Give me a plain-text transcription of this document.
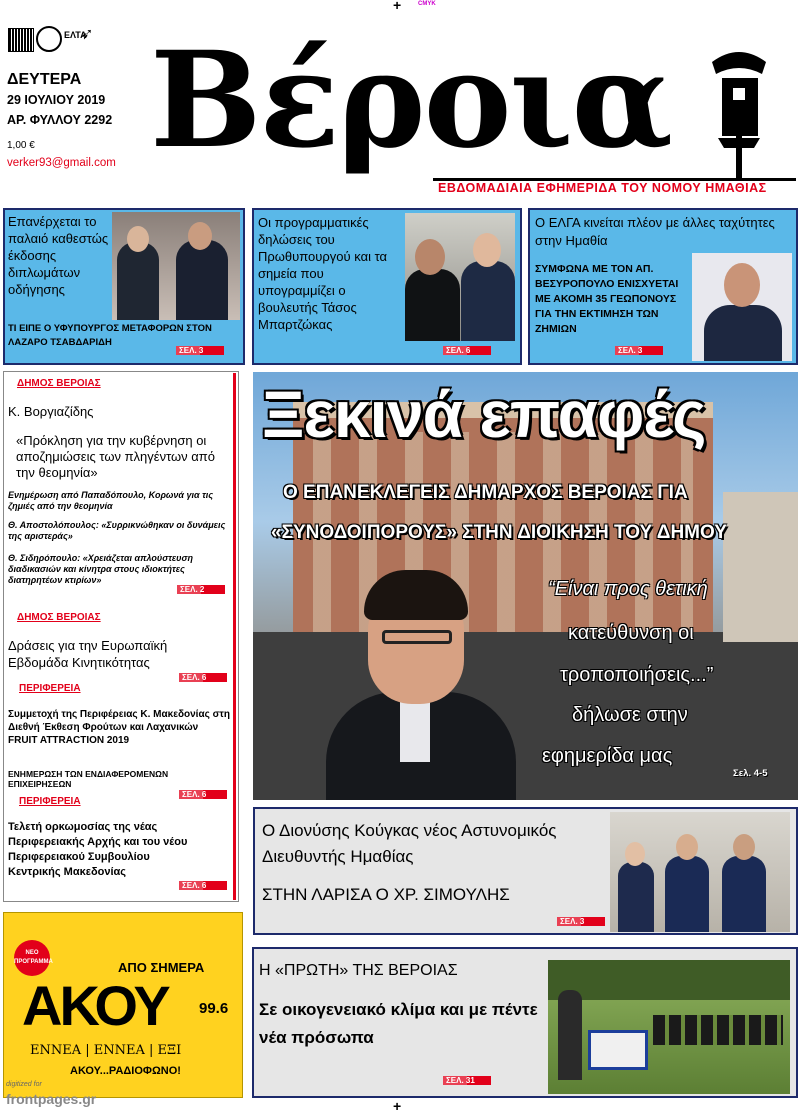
+	CMYK
+
ΕΛΤΑ
➶
ΔΕΥΤΕΡΑ
29 ΙΟΥΛΙΟΥ 2019
ΑΡ. ΦΥΛΛΟΥ 2292
1,00 €
verker93@gmail.com Βέροια
ΕΒΔΟΜΑΔΙΑΙΑ ΕΦΗΜΕΡΙΔΑ ΤΟΥ ΝΟΜΟΥ ΗΜΑΘΙΑΣ
Επανέρχεται το παλαιό καθεστώς έκδοσης διπλωμάτων οδήγησης
ΤΙ ΕΙΠΕ Ο ΥΦΥΠΟΥΡΓΟΣ ΜΕΤΑΦΟΡΩΝ ΣΤΟΝ ΛΑΖΑΡΟ ΤΣΑΒΔΑΡΙΔΗ
ΣΕΛ. 3
Οι προγραμματικές δηλώσεις του Πρωθυπουργού και τα σημεία που υπογραμμίζει ο βουλευτής Τάσος Μπαρτζώκας
ΣΕΛ. 6
Ο ΕΛΓΑ κινείται πλέον με άλλες ταχύτητες στην Ημαθία
ΣΥΜΦΩΝΑ ΜΕ ΤΟΝ ΑΠ. ΒΕΣΥΡΟΠΟΥΛΟ ΕΝΙΣΧΥΕΤΑΙ ΜΕ ΑΚΟΜΗ 35 ΓΕΩΠΟΝΟΥΣ ΓΙΑ ΤΗΝ ΕΚΤΙΜΗΣΗ ΤΩΝ ΖΗΜΙΩΝ
ΣΕΛ. 3
ΔΗΜΟΣ ΒΕΡΟΙΑΣ
Κ. Βοργιαζίδης
«Πρόκληση για την κυβέρνηση οι αποζημιώσεις των πληγέντων από την θεομηνία»
Ενημέρωση από Παπαδόπουλο, Κορωνά για τις ζημιές από την θεομηνία
Θ. Αποστολόπουλος: «Συρρικνώθηκαν οι δυνάμεις της αριστεράς»
Θ. Σιδηρόπουλο: «Χρειάζεται απλούστευση διαδικασιών και κίνητρα στους ιδιοκτήτες διατηρητέων κτιρίων»
ΣΕΛ. 2
ΔΗΜΟΣ ΒΕΡΟΙΑΣ
Δράσεις για την Ευρωπαϊκή Εβδομάδα Κινητικότητας
ΣΕΛ. 6
ΠΕΡΙΦΕΡΕΙΑ
Συμμετοχή της Περιφέρειας Κ. Μακεδονίας στη Διεθνή Έκθεση Φρούτων και Λαχανικών FRUIT ATTRACTION 2019
ΕΝΗΜΕΡΩΣΗ ΤΩΝ ΕΝΔΙΑΦΕΡΟΜΕΝΩΝ ΕΠΙΧΕΙΡΗΣΕΩΝ
ΣΕΛ. 6
ΠΕΡΙΦΕΡΕΙΑ
Τελετή ορκωμοσίας της νέας Περιφερειακής Αρχής και του νέου Περιφερειακού Συμβουλίου Κεντρικής Μακεδονίας
ΣΕΛ. 6
Ξεκινά επαφές
Ο ΕΠΑΝΕΚΛΕΓΕΙΣ ΔΗΜΑΡΧΟΣ ΒΕΡΟΙΑΣ ΓΙΑ
«ΣΥΝΟΔΟΙΠΟΡΟΥΣ» ΣΤΗΝ ΔΙΟΙΚΗΣΗ ΤΟΥ ΔΗΜΟΥ
“Είναι προς θετική
κατεύθυνση οι
τροποποιήσεις...”
δήλωσε στην
εφημερίδα μας
Σελ. 4-5
Ο Διονύσης Κούγκας νέος Αστυνομικός Διευθυντής Ημαθίας
ΣΤΗΝ ΛΑΡΙΣΑ Ο ΧΡ. ΣΙΜΟΥΛΗΣ
ΣΕΛ. 3
ΝΕΟ ΠΡΟΓΡΑΜΜΑ	ΑΠΟ ΣΗΜΕΡΑ
ΑΚΟΥ 99.6
ΕΝΝΕΑ | ΕΝΝΕΑ | ΕΞΙ
ΑΚΟΥ...ΡΑΔΙΟΦΩΝΟ!
Η «ΠΡΩΤΗ» ΤΗΣ ΒΕΡΟΙΑΣ
Σε οικογενειακό κλίμα και με πέντε νέα πρόσωπα
ΣΕΛ. 31
digitized for
frontpages.gr
